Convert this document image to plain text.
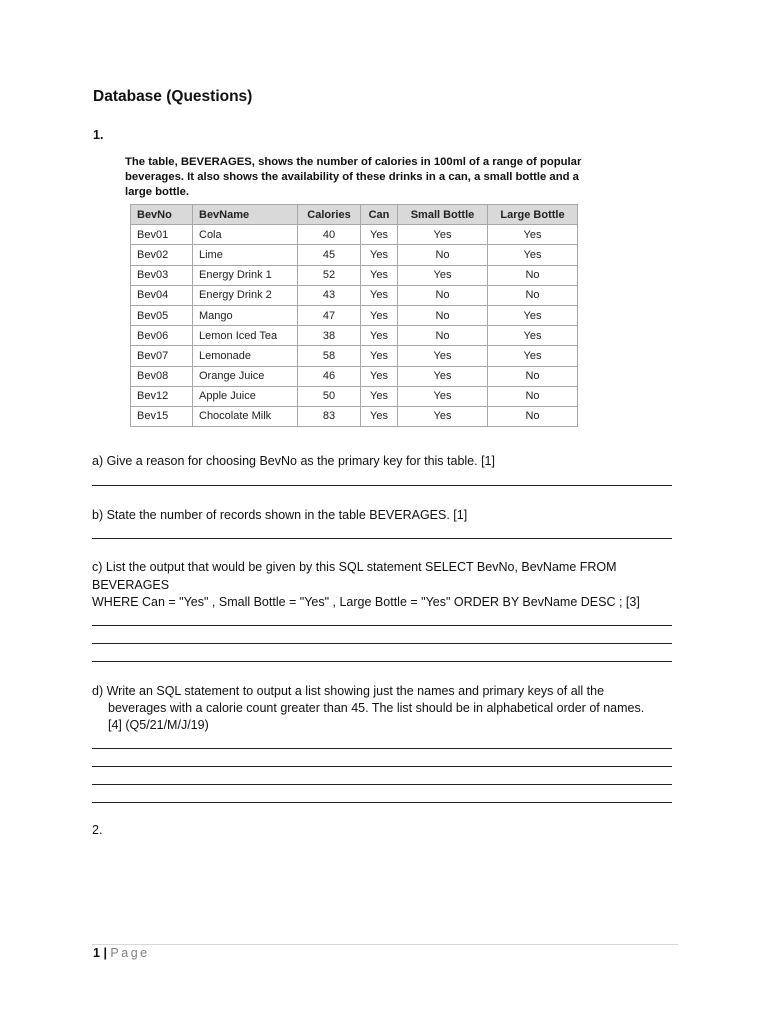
Database (Questions)
1.
The table, BEVERAGES, shows the number of calories in 100ml of a range of popular beverages. It also shows the availability of these drinks in a can, a small bottle and a large bottle.
BevNo	BevName	Calories	Can	Small Bottle	Large Bottle
Bev01	Cola	40	Yes	Yes	Yes
Bev02	Lime	45	Yes	No	Yes
Bev03	Energy Drink 1	52	Yes	Yes	No
Bev04	Energy Drink 2	43	Yes	No	No
Bev05	Mango	47	Yes	No	Yes
Bev06	Lemon Iced Tea	38	Yes	No	Yes
Bev07	Lemonade	58	Yes	Yes	Yes
Bev08	Orange Juice	46	Yes	Yes	No
Bev12	Apple Juice	50	Yes	Yes	No
Bev15	Chocolate Milk	83	Yes	Yes	No
a) Give a reason for choosing BevNo as the primary key for this table. [1]
b) State the number of records shown in the table BEVERAGES. [1]
c) List the output that would be given by this SQL statement SELECT BevNo, BevName FROM
BEVERAGES
WHERE Can = "Yes" , Small Bottle = "Yes" , Large Bottle = "Yes" ORDER BY BevName DESC ; [3]
d) Write an SQL statement to output a list showing just the names and primary keys of all the
beverages with a calorie count greater than 45. The list should be in alphabetical order of names.
[4] (Q5/21/M/J/19)
2.
1 | Page
